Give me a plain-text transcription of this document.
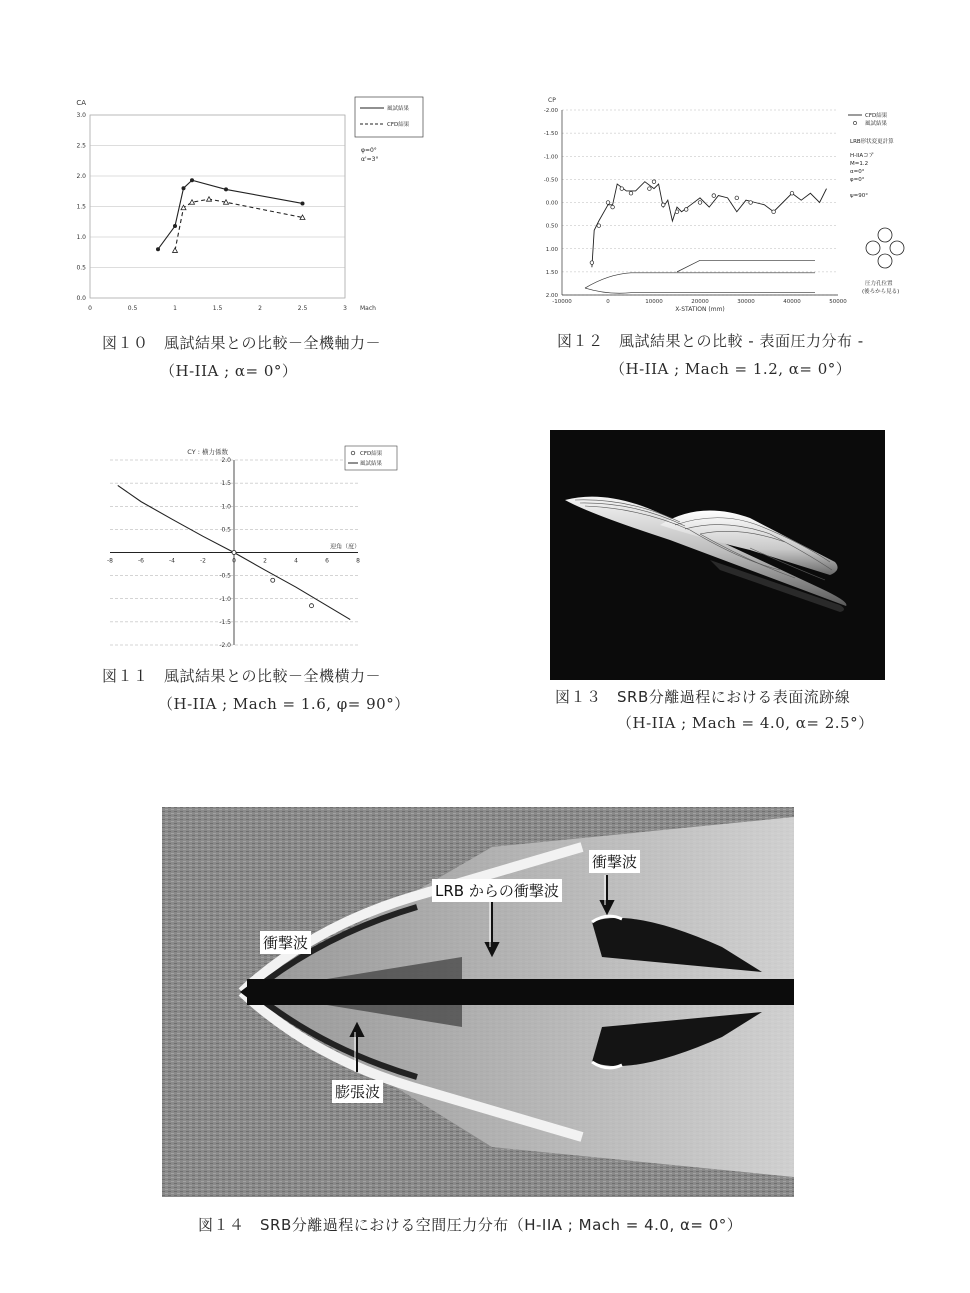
0.0
0.5
1.0
1.5
2.0
2.5
3.0
0	0.5	1	1.5	2	2.5	3
CA
Mach
風試結果
CFD結果
φ=0°
α'=3°
図１０　風試結果との比較－全機軸力－
（H-IIA ; α= 0°）
-2.00
-1.50
-1.00
-0.50
0.00
0.50
1.00
1.50
2.00
-10000	0	10000	20000	30000	40000	50000
CP
X-STATION (mm)
CFD結果
風試結果
LRB形状変更計算
H-IIAコア
M=1.2
α=0°
φ=0°
ψ=90°
圧力孔位置
(後ろから見る)
図１２　風試結果との比較 - 表面圧力分布 -
（H-IIA ; Mach = 1.2, α= 0°）
2.0
1.5
1.0
0.5
-0.5
-1.0
-1.5
-2.0
-8	-6	-4	-2	0	2	4	6	8
CY : 横力係数
迎角（度）
CFD結果
風試結果
図１１　風試結果との比較－全機横力－
（H-IIA ; Mach = 1.6, φ= 90°）	図１３　SRB分離過程における表面流跡線
（H-IIA ; Mach = 4.0, α= 2.5°）
衝撃波
LRB からの衝撃波
衝撃波
膨張波
図１４　SRB分離過程における空間圧力分布（H-IIA ; Mach = 4.0, α= 0°）
